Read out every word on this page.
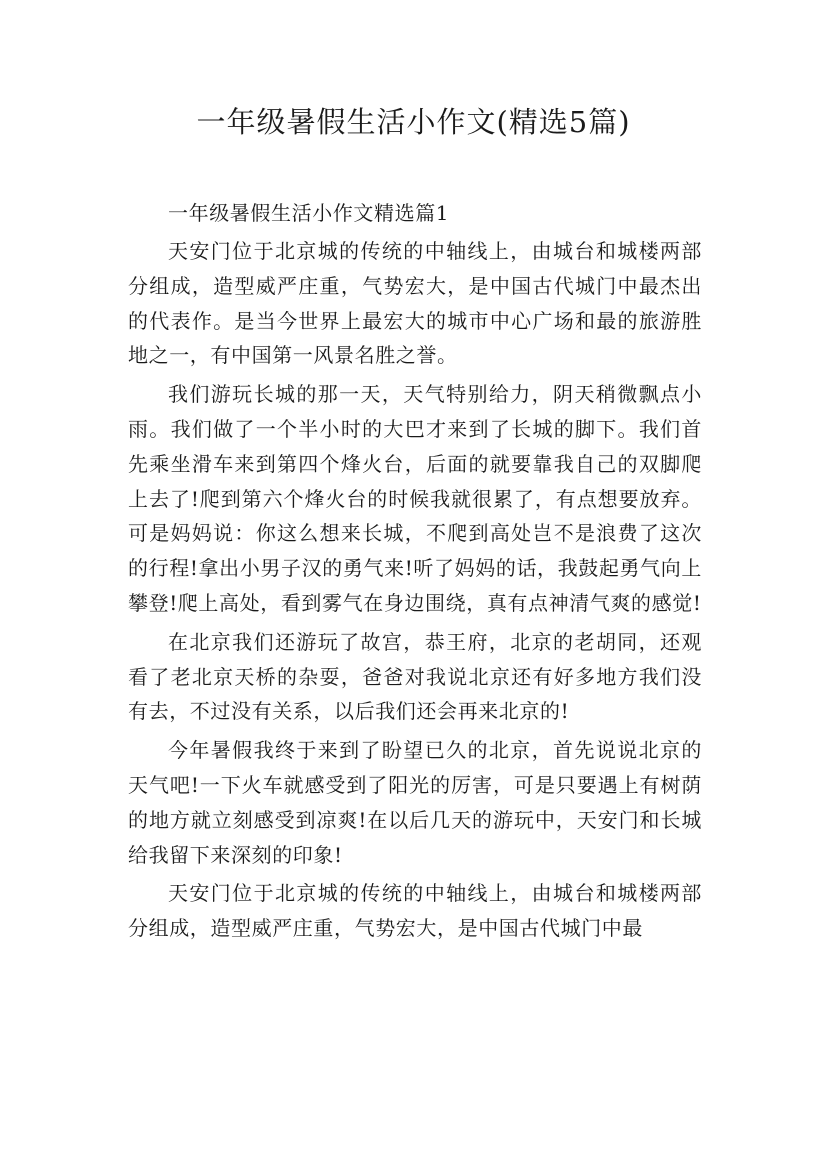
一年级暑假生活小作文(精选5篇)

一年级暑假生活小作文精选篇1

天安门位于北京城的传统的中轴线上，由城台和城楼两部分组成，造型威严庄重，气势宏大，是中国古代城门中最杰出的代表作。是当今世界上最宏大的城市中心广场和最的旅游胜地之一，有中国第一风景名胜之誉。

我们游玩长城的那一天，天气特别给力，阴天稍微飘点小雨。我们做了一个半小时的大巴才来到了长城的脚下。我们首先乘坐滑车来到第四个烽火台，后面的就要靠我自己的双脚爬上去了!爬到第六个烽火台的时候我就很累了，有点想要放弃。可是妈妈说：你这么想来长城，不爬到高处岂不是浪费了这次的行程!拿出小男子汉的勇气来!听了妈妈的话，我鼓起勇气向上攀登!爬上高处，看到雾气在身边围绕，真有点神清气爽的感觉!

在北京我们还游玩了故宫，恭王府，北京的老胡同，还观看了老北京天桥的杂耍，爸爸对我说北京还有好多地方我们没有去，不过没有关系，以后我们还会再来北京的!

今年暑假我终于来到了盼望已久的北京，首先说说北京的天气吧!一下火车就感受到了阳光的厉害，可是只要遇上有树荫的地方就立刻感受到凉爽!在以后几天的游玩中，天安门和长城给我留下来深刻的印象!

天安门位于北京城的传统的中轴线上，由城台和城楼两部分组成，造型威严庄重，气势宏大，是中国古代城门中最
